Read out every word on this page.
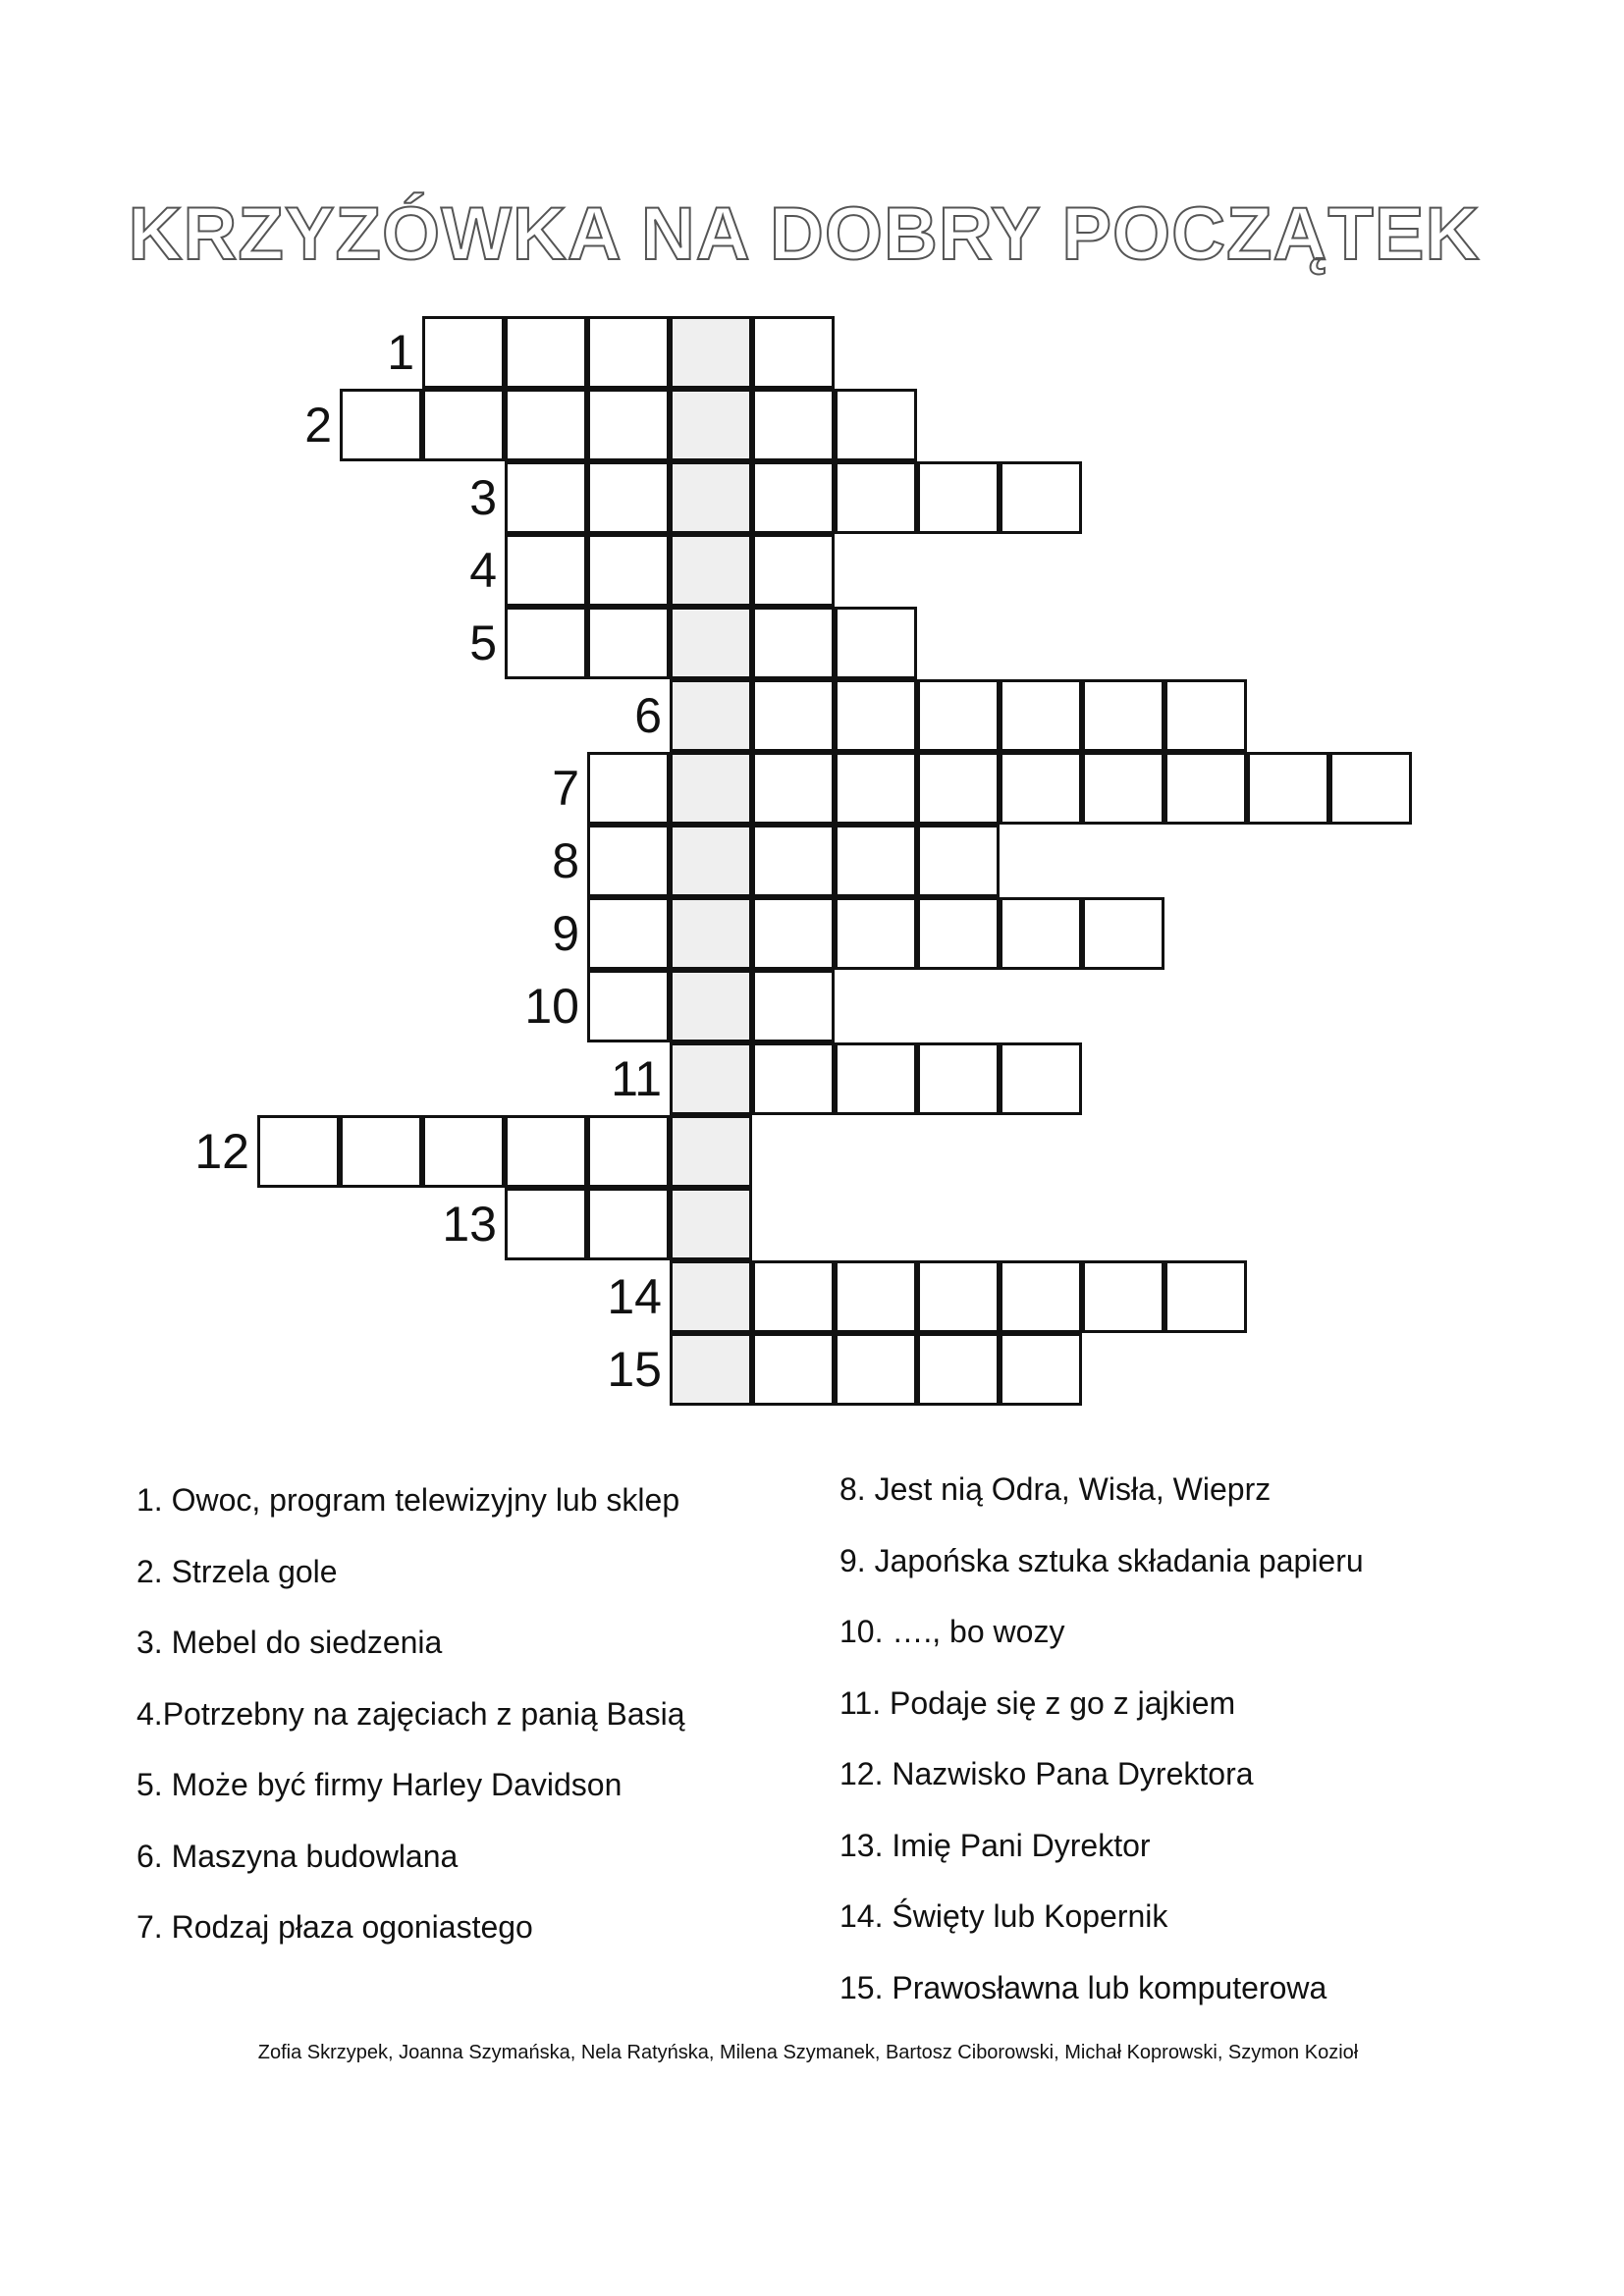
KRZYZÓWKA NA DOBRY POCZĄTEK
1
2
3
4
5
6
7
8
9
10
11
12
13
14
15
1. Owoc, program telewizyjny lub sklep
2. Strzela gole
3. Mebel do siedzenia
4.Potrzebny na zajęciach z panią Basią
5. Może być firmy Harley Davidson
6. Maszyna budowlana
7. Rodzaj płaza ogoniastego
8. Jest nią Odra, Wisła, Wieprz
9. Japońska sztuka składania papieru
10. …., bo wozy
11. Podaje się z go z jajkiem
12. Nazwisko Pana Dyrektora
13. Imię Pani Dyrektor
14. Święty lub Kopernik
15. Prawosławna lub komputerowa
Zofia Skrzypek, Joanna Szymańska, Nela Ratyńska, Milena Szymanek, Bartosz Ciborowski, Michał Koprowski, Szymon Kozioł
